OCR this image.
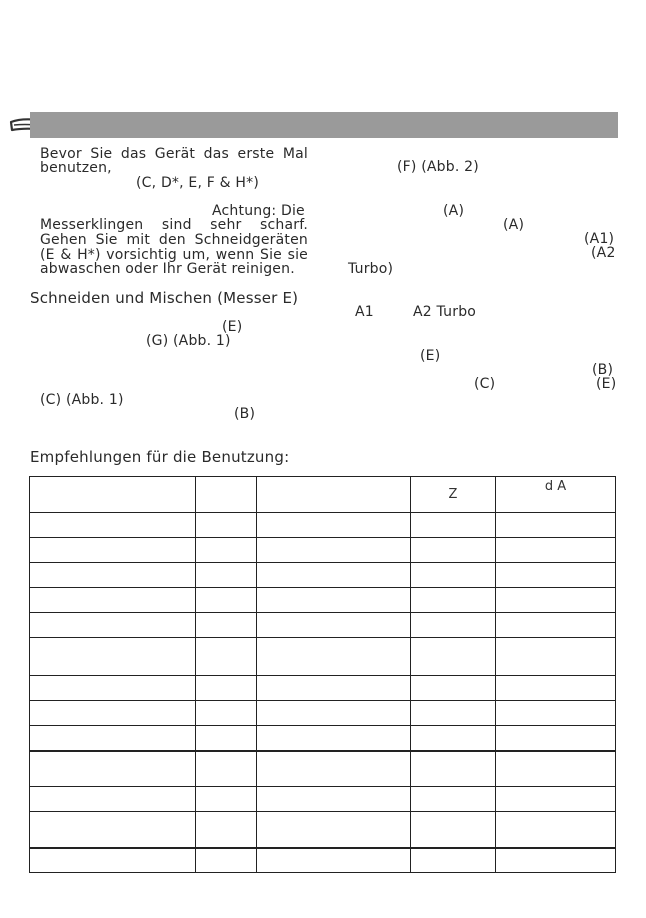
Bevor Sie das Gerät das erste Mal
benutzen,
(C, D*, E, F & H*)
Achtung: Die
Messerklingen sind sehr scharf.
Gehen Sie mit den Schneidgeräten
(E & H*) vorsichtig um, wenn Sie sie
abwaschen oder Ihr Gerät reinigen.
Schneiden und Mischen (Messer E)
(E)
(G) (Abb. 1)
(C) (Abb. 1)
(B)
(F) (Abb. 2)
(A)
(A)
(A1)
(A2
Turbo)
A1	A2 Turbo
(E)
(B)
(C)	(E)
Empfehlungen für die Benutzung:
			Z	d A
